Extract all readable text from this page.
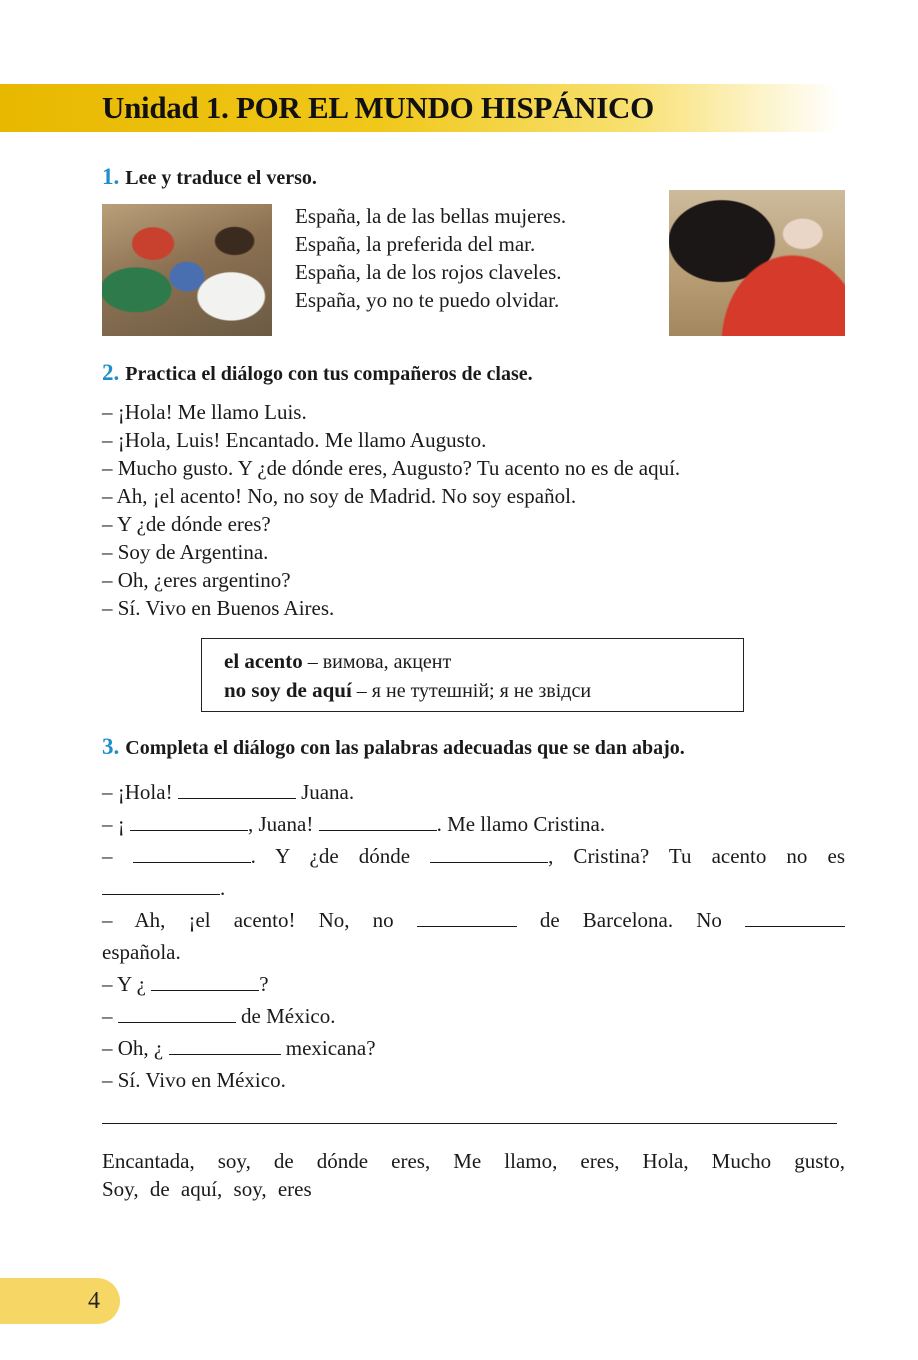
Unidad 1. POR EL MUNDO HISPÁNICO
1. Lee y traduce el verso.
España, la de las bellas mujeres.
España, la preferida del mar.
España, la de los rojos claveles.
España, yo no te puedo olvidar.
2. Practica el diálogo con tus compañeros de clase.
– ¡Hola! Me llamo Luis.
– ¡Hola, Luis! Encantado. Me llamo Augusto.
– Mucho gusto. Y ¿de dónde eres, Augusto? Tu acento no es de aquí.
– Ah, ¡el acento! No, no soy de Madrid. No soy español.
– Y ¿de dónde eres?
– Soy de Argentina.
– Oh, ¿eres argentino?
– Sí. Vivo en Buenos Aires.
el acento – вимова, акцент
no soy de aquí – я не тутешній; я не звідси
3. Completa el diálogo con las palabras adecuadas que se dan abajo.
– ¡Hola!	Juana.
– ¡	, Juana!	. Me llamo Cristina.
–	. Y ¿de dónde	, Cristina? Tu acento no es
.
– Ah, ¡el acento! No, no	de Barcelona. No
española.
– Y ¿	?
–	de México.
– Oh, ¿	mexicana?
– Sí. Vivo en México.
Encantada, soy, de dónde eres, Me llamo, eres, Hola, Mucho gusto,
Soy, de aquí, soy, eres
4
